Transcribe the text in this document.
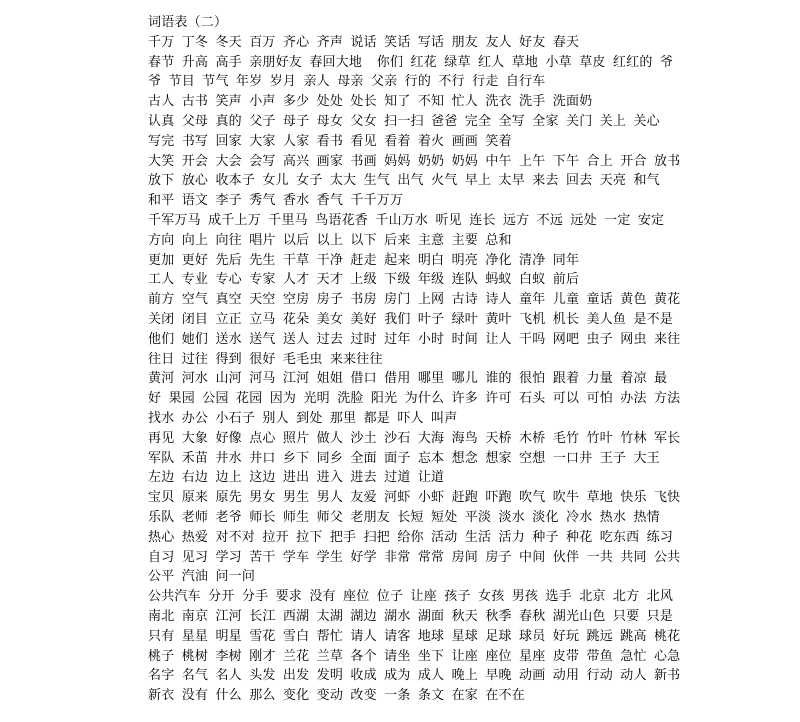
词语表（二）
千万 丁冬 冬天 百万 齐心 齐声 说话 笑话 写话 朋友 友人 好友 春天
春节 升高 高手 亲朋好友 春回大地  你们 红花 绿草 红人 草地 小草 草皮 红红的 爷
爷 节目 节气 年岁 岁月 亲人 母亲 父亲 行的 不行 行走 自行车
古人 古书 笑声 小声 多少 处处 处长 知了 不知 忙人 洗衣 洗手 洗面奶
认真 父母 真的 父子 母子 母女 父女 扫一扫 爸爸 完全 全写 全家 关门 关上 关心
写完 书写 回家 大家 人家 看书 看见 看着 着火 画画 笑着
大笑 开会 大会 会写 高兴 画家 书画 妈妈 奶奶 奶妈 中午 上午 下午 合上 开合 放书
放下 放心 收本子 女儿 女子 太大 生气 出气 火气 早上 太早 来去 回去 天亮 和气
和平 语文 李子 秀气 香水 香气 千千万万
千军万马 成千上万 千里马 鸟语花香 千山万水 听见 连长 远方 不远 远处 一定 安定
方向 向上 向往 唱片 以后 以上 以下 后来 主意 主要 总和
更加 更好 先后 先生 干草 干净 赶走 起来 明白 明亮 净化 清净 同年
工人 专业 专心 专家 人才 天才 上级 下级 年级 连队 蚂蚁 白蚁 前后
前方 空气 真空 天空 空房 房子 书房 房门 上网 古诗 诗人 童年 儿童 童话 黄色 黄花
关闭 闭目 立正 立马 花朵 美女 美好 我们 叶子 绿叶 黄叶 飞机 机长 美人鱼 是不是
他们 她们 送水 送气 送人 过去 过时 过年 小时 时间 让人 干吗 网吧 虫子 网虫 来往
往日 过往 得到 很好 毛毛虫 来来往往
黄河 河水 山河 河马 江河 姐姐 借口 借用 哪里 哪儿 谁的 很怕 跟着 力量 着凉 最
好 果园 公园 花园 因为 光明 洗脸 阳光 为什么 许多 许可 石头 可以 可怕 办法 方法
找水 办公 小石子 别人 到处 那里 都是 吓人 叫声
再见 大象 好像 点心 照片 做人 沙土 沙石 大海 海鸟 天桥 木桥 毛竹 竹叶 竹林 军长
军队 禾苗 井水 井口 乡下 同乡 全面 面子 忘本 想念 想家 空想 一口井 王子 大王
左边 右边 边上 这边 进出 进入 进去 过道 让道
宝贝 原来 原先 男女 男生 男人 友爱 河虾 小虾 赶跑 吓跑 吹气 吹牛 草地 快乐 飞快
乐队 老师 老爷 师长 师生 师父 老朋友 长短 短处 平淡 淡水 淡化 冷水 热水 热情
热心 热爱 对不对 拉开 拉下 把手 扫把 给你 活动 生活 活力 种子 种花 吃东西 练习
自习 见习 学习 苦干 学车 学生 好学 非常 常常 房间 房子 中间 伙伴 一共 共同 公共
公平 汽油 问一问
公共汽车 分开 分手 要求 没有 座位 位子 让座 孩子 女孩 男孩 选手 北京 北方 北风
南北 南京 江河 长江 西湖 太湖 湖边 湖水 湖面 秋天 秋季 春秋 湖光山色 只要 只是
只有 星星 明星 雪花 雪白 帮忙 请人 请客 地球 星球 足球 球员 好玩 跳远 跳高 桃花
桃子 桃树 李树 刚才 兰花 兰草 各个 请坐 坐下 让座 座位 星座 皮带 带鱼 急忙 心急
名字 名气 名人 头发 出发 发明 收成 成为 成人 晚上 早晚 动画 动用 行动 动人 新书
新衣 没有 什么 那么 变化 变动 改变 一条 条文 在家 在不在
